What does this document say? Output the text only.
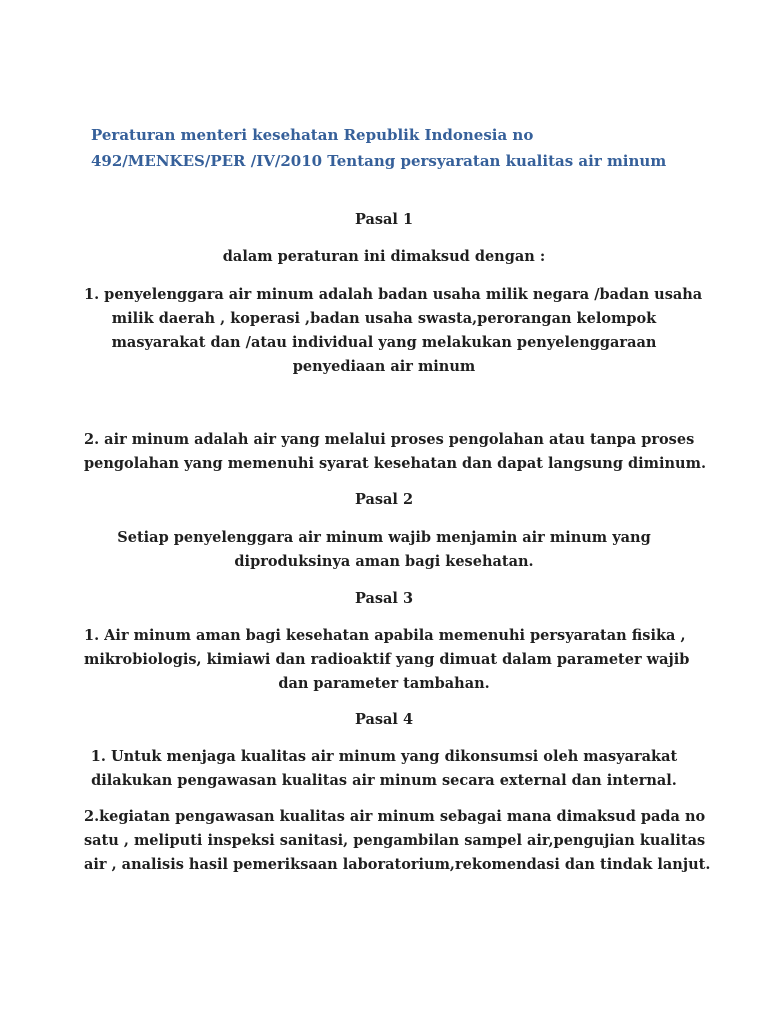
Peraturan menteri kesehatan Republik Indonesia no
492/MENKES/PER /IV/2010 Tentang persyaratan kualitas air minum

Pasal 1

dalam peraturan ini dimaksud dengan :

1. penyelenggara air minum adalah badan usaha milik negara /badan usaha
milik daerah , koperasi ,badan usaha swasta,perorangan kelompok
masyarakat dan /atau individual yang melakukan penyelenggaraan
penyediaan air minum

2. air minum adalah air yang melalui proses pengolahan atau tanpa proses
pengolahan yang memenuhi syarat kesehatan dan dapat langsung diminum.

Pasal 2

Setiap penyelenggara air minum wajib menjamin air minum yang
diproduksinya aman bagi kesehatan.

Pasal 3

1. Air minum aman bagi kesehatan apabila memenuhi persyaratan fisika ,
mikrobiologis, kimiawi dan radioaktif yang dimuat dalam parameter wajib
dan parameter tambahan.

Pasal 4

1. Untuk menjaga kualitas air minum yang dikonsumsi oleh masyarakat
dilakukan pengawasan kualitas air minum secara external dan internal.

2.kegiatan pengawasan kualitas air minum sebagai mana dimaksud pada no
satu , meliputi inspeksi sanitasi, pengambilan sampel air,pengujian kualitas
air , analisis hasil pemeriksaan laboratorium,rekomendasi dan tindak lanjut.
